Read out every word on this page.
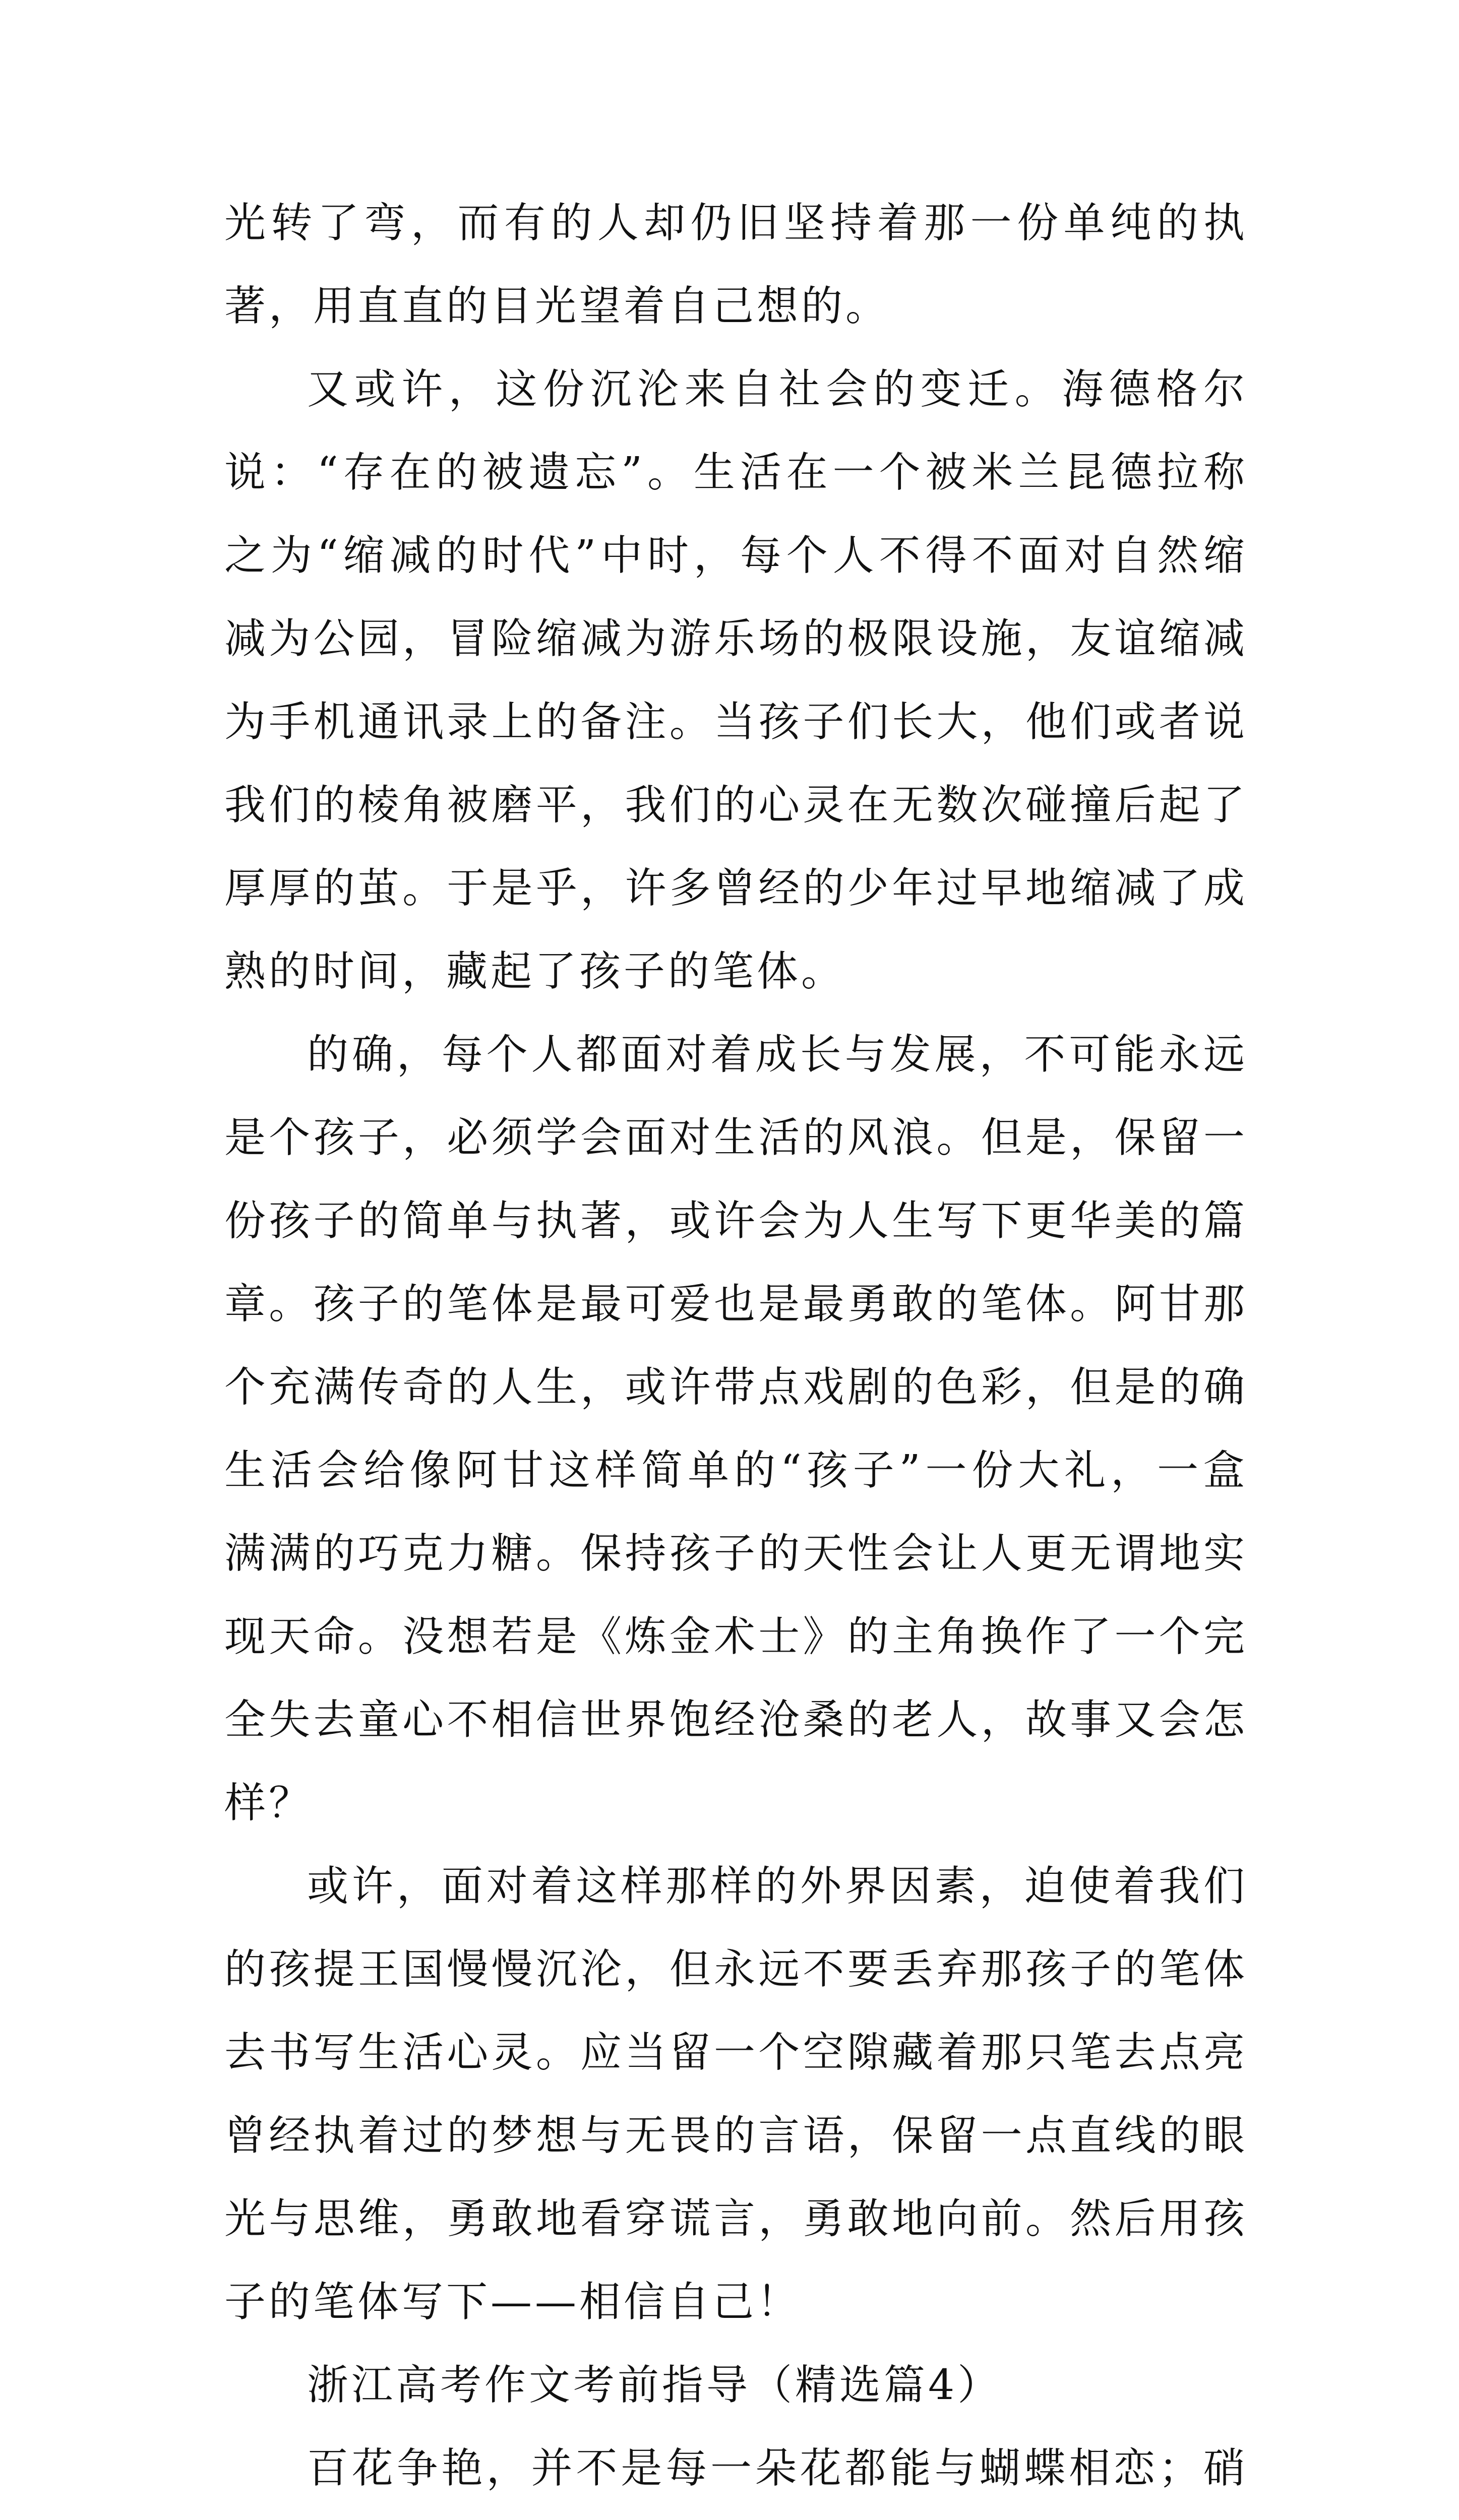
光转了弯，而有的人却仍旧坚持着那一份单纯的执著，用直直的目光望着自己想的。

又或许，这份沉沦来自社会的变迁。海德格尔说：“存在的被遗忘”。生活在一个被米兰昆德拉称之为“缩减的时代”中时，每个人不得不面对自然缩减为公园，冒险缩减为游乐场的极限设施，友谊缩减为手机通讯录上的备注。当孩子们长大，他们或者说我们的棱角被磨平，我们的心灵在无数次碰撞后起了厚厚的茧。于是乎，许多曾经的少年过早地缩减了成熟的时间，藏起了孩子的笔体。

的确，每个人都面对着成长与发展，不可能永远是个孩子，必须学会面对生活的风浪。但是，保留一份孩子的简单与执著，或许会为人生写下更华美的篇章。孩子的笔体是最可爱也是最勇敢的笔体。阿甘那个充满传奇的人生，或许带点戏剧的色彩，但是的确生活会给像阿甘这样简单的“孩子”一份大礼，一盒满满的巧克力糖。保持孩子的天性会让人更无谓地实现天命。没想若是《炼金术士》的主角换作了一个完全失去童心不相信世界饱经沧桑的老人，故事又会怎样？

或许，面对着这样那样的外界因素，迫使着我们的孩提王国慢慢沉沦，但永远不要丢弃那孩子的笔体去书写生活心灵。应当留一个空隙藏着那只笔去点亮曾经执着过的梦想与无畏的言语，保留一点直线的眼光与思维，勇敢地看穿谎言，勇敢地向前。然后用孩子的笔体写下——相信自己！

浙江高考作文考前指导（精选篇4）

百花争艳，并不是每一朵花都能与蝴蝶相恋；硝
